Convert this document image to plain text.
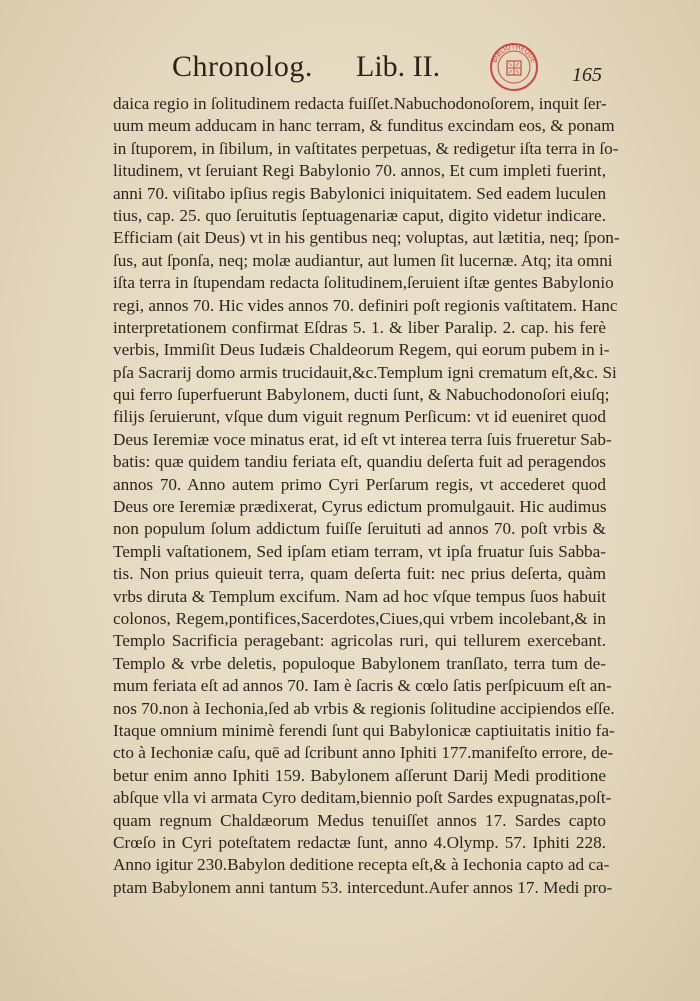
Chronolog. Lib. II.	165
BIBLIOTHEQUE
daica regio in ſolitudinem redacta fuiſſet.Nabuchodonoſorem, inquit ſer-
uum meum adducam in hanc terram, & funditus excindam eos, & ponam
in ſtuporem, in ſibilum, in vaſtitates perpetuas, & redigetur iſta terra in ſo-
litudinem, vt ſeruiant Regi Babylonio 70. annos, Et cum impleti fuerint,
anni 70. viſitabo ipſius regis Babylonici iniquitatem. Sed eadem luculen
tius, cap. 25. quo ſeruitutis ſeptuagenariæ caput, digito videtur indicare.
Efficiam (ait Deus) vt in his gentibus neq; voluptas, aut lætitia, neq; ſpon-
ſus, aut ſponſa, neq; molæ audiantur, aut lumen ſit lucernæ. Atq; ita omni
iſta terra in ſtupendam redacta ſolitudinem,ſeruient iſtæ gentes Babylonio
regi, annos 70. Hic vides annos 70. definiri poſt regionis vaſtitatem. Hanc
interpretationem confirmat Eſdras 5. 1. & liber Paralip. 2. cap. his ferè
verbis, Immiſit Deus Iudæis Chaldeorum Regem, qui eorum pubem in i-
pſa Sacrarij domo armis trucidauit,&c.Templum igni crematum eſt,&c. Si
qui ferro ſuperfuerunt Babylonem, ducti ſunt, & Nabuchodonoſori eiuſq;
filijs ſeruierunt, vſque dum viguit regnum Perſicum: vt id eueniret quod
Deus Ieremiæ voce minatus erat, id eſt vt interea terra ſuis frueretur Sab-
batis: quæ quidem tandiu feriata eſt, quandiu deſerta fuit ad peragendos
annos 70. Anno autem primo Cyri Perſarum regis, vt accederet quod
Deus ore Ieremiæ prædixerat, Cyrus edictum promulgauit. Hic audimus
non populum ſolum addictum fuiſſe ſeruituti ad annos 70. poſt vrbis &
Templi vaſtationem, Sed ipſam etiam terram, vt ipſa fruatur ſuis Sabba-
tis. Non prius quieuit terra, quam deſerta fuit: nec prius deſerta, quàm
vrbs diruta & Templum excifum. Nam ad hoc vſque tempus ſuos habuit
colonos, Regem,pontifices,Sacerdotes,Ciues,qui vrbem incolebant,& in
Templo Sacrificia peragebant: agricolas ruri, qui tellurem exercebant.
Templo & vrbe deletis, populoque Babylonem tranſlato, terra tum de-
mum feriata eſt ad annos 70. Iam è ſacris & cœlo ſatis perſpicuum eſt an-
nos 70.non à Iechonia,ſed ab vrbis & regionis ſolitudine accipiendos eſſe.
Itaque omnium minimè ferendi ſunt qui Babylonicæ captiuitatis initio fa-
cto à Iechoniæ caſu, quē ad ſcribunt anno Iphiti 177.manifeſto errore, de-
betur enim anno Iphiti 159. Babylonem aſſerunt Darij Medi proditione
abſque vlla vi armata Cyro deditam,biennio poſt Sardes expugnatas,poſt-
quam regnum Chaldæorum Medus tenuiſſet annos 17. Sardes capto
Crœſo in Cyri poteſtatem redactæ ſunt, anno 4.Olymp. 57. Iphiti 228.
Anno igitur 230.Babylon deditione recepta eſt,& à Iechonia capto ad ca-
ptam Babylonem anni tantum 53. intercedunt.Aufer annos 17. Medi pro-
